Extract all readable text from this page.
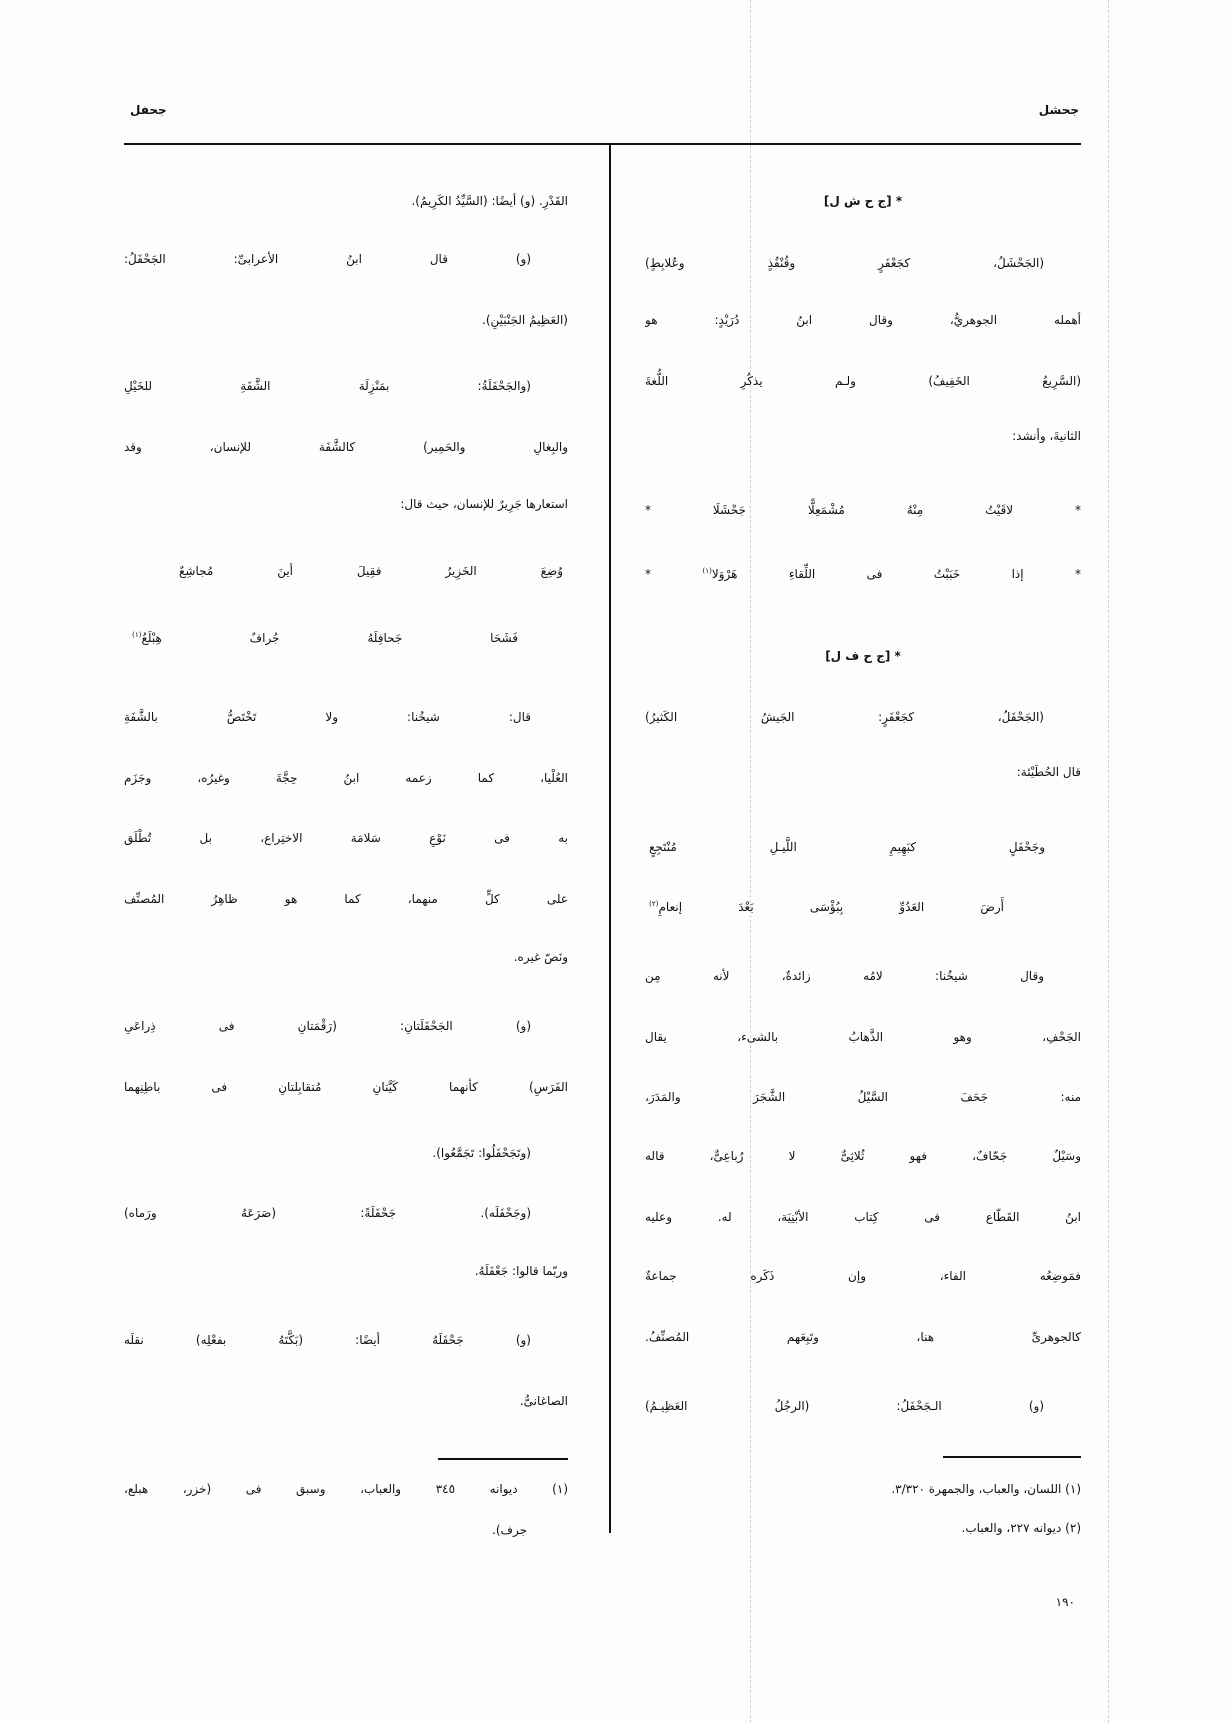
جحشل
جحفل
* [ج ح ش ل]
(الجَحْشَلُ، كجَعْفَرٍ وقُنْفُذٍ وعُلابِطٍ)
أهمله الجوهريُّ، وقال ابنُ دُرَيْدٍ: هو
(السَّرِيعُ الخَفِيفُ) ولـم يذكُرِ اللُّغةَ
الثانيةَ، وأنشد:
* لاقَيْتُ مِنْهُ مُشْمَعِلًّا جَحْشَلَا *
* إذا خَبَبْتُ فى اللِّقاءِ هَرْوَلا$^{(١)}$ *
* [ج ح ف ل]
(الجَحْفَلُ، كجَعْفَرٍ: الجَيشُ الكَثيرُ)
قال الحُطَيْئة:
وجَحْفَلٍ كبَهِيمِ اللَّيـلِ مُنْتَجِعٍ
أَرضَ العَدُوِّ بِبُؤْسَى بَعْدَ إنعامِ$^{(٢)}$
وقال شيخُنا: لامُه زائدةٌ، لأنه مِن
الجَحْفِ، وهو الذَّهابُ بالشىء، يقال
منه: جَحَفَ السَّيْلُ الشَّجَرَ والمَدَرَ،
وسَيْلٌ جَحّافٌ، فهو ثُلاثِىٌّ لا رُباعِىٌّ، قاله
ابنُ القَطّاع فى كِتاب الأبْنِيَة، له. وعليه
فمَوضِعُه الفاء، وإن ذَكَره جماعةٌ
كالجوهرىِّ هنا، وتَبِعَهم المُصنِّفُ.
(و) الـجَحْفَلُ: (الرجُلُ العَظِيـمُ)
(١) اللسان، والعباب، والجمهرة ٣/٣٢٠.
(٢) ديوانه ٢٢٧، والعباب.
القَدْرِ. (و) أيضًا: (السَّيِّدُ الكَرِيمُ).
(و) قال ابنُ الأعرابىِّ: الجَحْفَلُ:
(العَظِيمُ الجَنْبَيْنِ).
(والجَحْفَلَةُ: بمَنْزِلَة الشَّفَةِ للخَيْلِ
والبِغالِ والحَمِير) كالشَّفَة للإنسان، وقد
استعارها جَرِيرٌ للإنسان، حيث قال:
وُضِعَ الخَزِيرُ فقِيلَ أينَ مُجاشِعٌ
فَشَحَا جَحافِلَهُ جُرافٌ هِبْلَعُ$^{(١)}$
قال: شيخُنا: ولا تَخْتَصُّ بالشَّفَةِ
العُلْيا، كما زعمه ابنُ حِجَّةَ وغيرُه، وجَزَم
به فى نَوْعِ سَلامَة الاختِراع، بل تُطْلَق
على كلٍّ منهما، كما هو ظاهِرُ المُصنِّف
ونَصّ غيره.
(و) الجَحْفَلَتانِ: (رَقْمَتانِ فى ذِراعَىِ
الفَرَسِ) كأنهما كَيَّتانِ مُتقابِلتانِ فى باطِنِهما
(وتَجَحْفَلُوا: تَجَمَّعُوا).
(وجَحْفَلَه). جَحْفَلَةً: (صَرَعَهُ ورَماه)
وربّما قالوا: جَعْفَلَهُ.
(و) جَحْفَلَهُ أيضًا: (بَكَّتَهُ بفعْلِه) نقلَه
الصاغانىُّ.
(١) ديوانه ٣٤٥ والعباب، وسبق فى (خزر، هبلع،
جرف).
١٩٠
